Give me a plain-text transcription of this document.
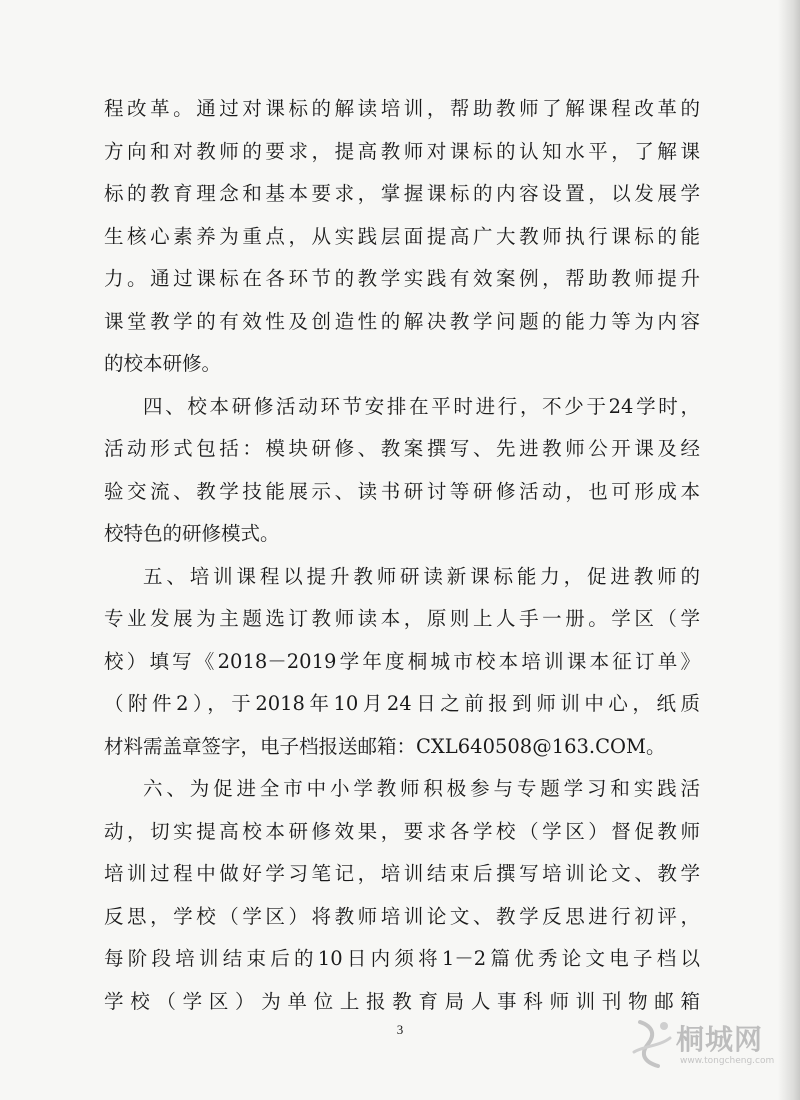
程改革。通过对课标的解读培训，帮助教师了解课程改革的
方向和对教师的要求，提高教师对课标的认知水平，了解课
标的教育理念和基本要求，掌握课标的内容设置，以发展学
生核心素养为重点，从实践层面提高广大教师执行课标的能
力。通过课标在各环节的教学实践有效案例，帮助教师提升
课堂教学的有效性及创造性的解决教学问题的能力等为内容
的校本研修。
四、校本研修活动环节安排在平时进行，不少于24学时，
活动形式包括：模块研修、教案撰写、先进教师公开课及经
验交流、教学技能展示、读书研讨等研修活动，也可形成本
校特色的研修模式。
五、培训课程以提升教师研读新课标能力，促进教师的
专业发展为主题选订教师读本，原则上人手一册。学区（学
校）填写《2018－2019学年度桐城市校本培训课本征订单》
（附件2），于2018年10月24日之前报到师训中心，纸质
材料需盖章签字，电子档报送邮箱：CXL640508@163.COM。
六、为促进全市中小学教师积极参与专题学习和实践活
动，切实提高校本研修效果，要求各学校（学区）督促教师
培训过程中做好学习笔记，培训结束后撰写培训论文、教学
反思，学校（学区）将教师培训论文、教学反思进行初评，
每阶段培训结束后的10日内须将1－2篇优秀论文电子档以
学校（学区）为单位上报教育局人事科师训刊物邮箱
3	桐城网
www.tongcheng.com
